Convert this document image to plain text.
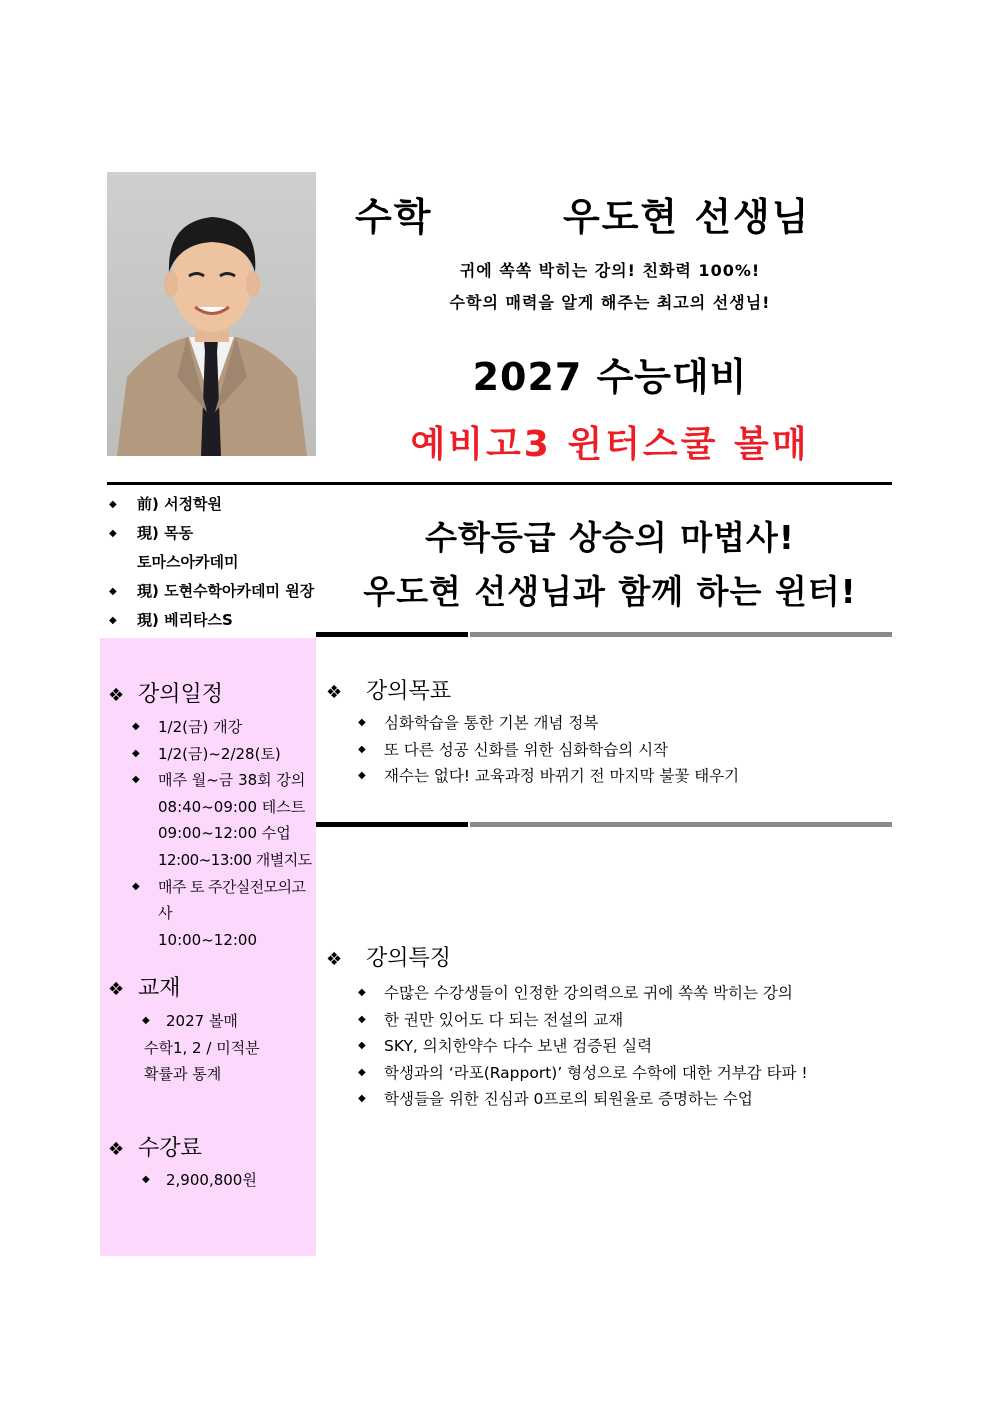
수학	우도현 선생님
귀에 쏙쏙 박히는 강의! 친화력 100%!
수학의 매력을 알게 해주는 최고의 선생님!
2027 수능대비
예비고3 윈터스쿨 볼매
◆ 前) 서정학원
◆ 現) 목동
토마스아카데미
◆ 現) 도현수학아카데미 원장
◆ 現) 베리타스S
수학등급 상승의 마법사!
우도현 선생님과 함께 하는 윈터!
❖ 강의일정
◆ 1/2(금) 개강
◆ 1/2(금)~2/28(토)
◆ 매주 월~금 38회 강의
08:40~09:00 테스트
09:00~12:00 수업
12:00~13:00 개별지도
◆ 매주 토 주간실전모의고사
10:00~12:00
❖ 교재
◆ 2027 볼매
수학1, 2 / 미적분
확률과 통계
❖ 수강료
◆ 2,900,800원
❖ 강의목표
◆ 심화학습을 통한 기본 개념 정복
◆ 또 다른 성공 신화를 위한 심화학습의 시작
◆ 재수는 없다! 교육과정 바뀌기 전 마지막 불꽃 태우기
❖ 강의특징
◆ 수많은 수강생들이 인정한 강의력으로 귀에 쏙쏙 박히는 강의
◆ 한 권만 있어도 다 되는 전설의 교재
◆ SKY, 의치한약수 다수 보낸 검증된 실력
◆ 학생과의 ‘라포(Rapport)’ 형성으로 수학에 대한 거부감 타파 !
◆ 학생들을 위한 진심과 0프로의 퇴원율로 증명하는 수업
